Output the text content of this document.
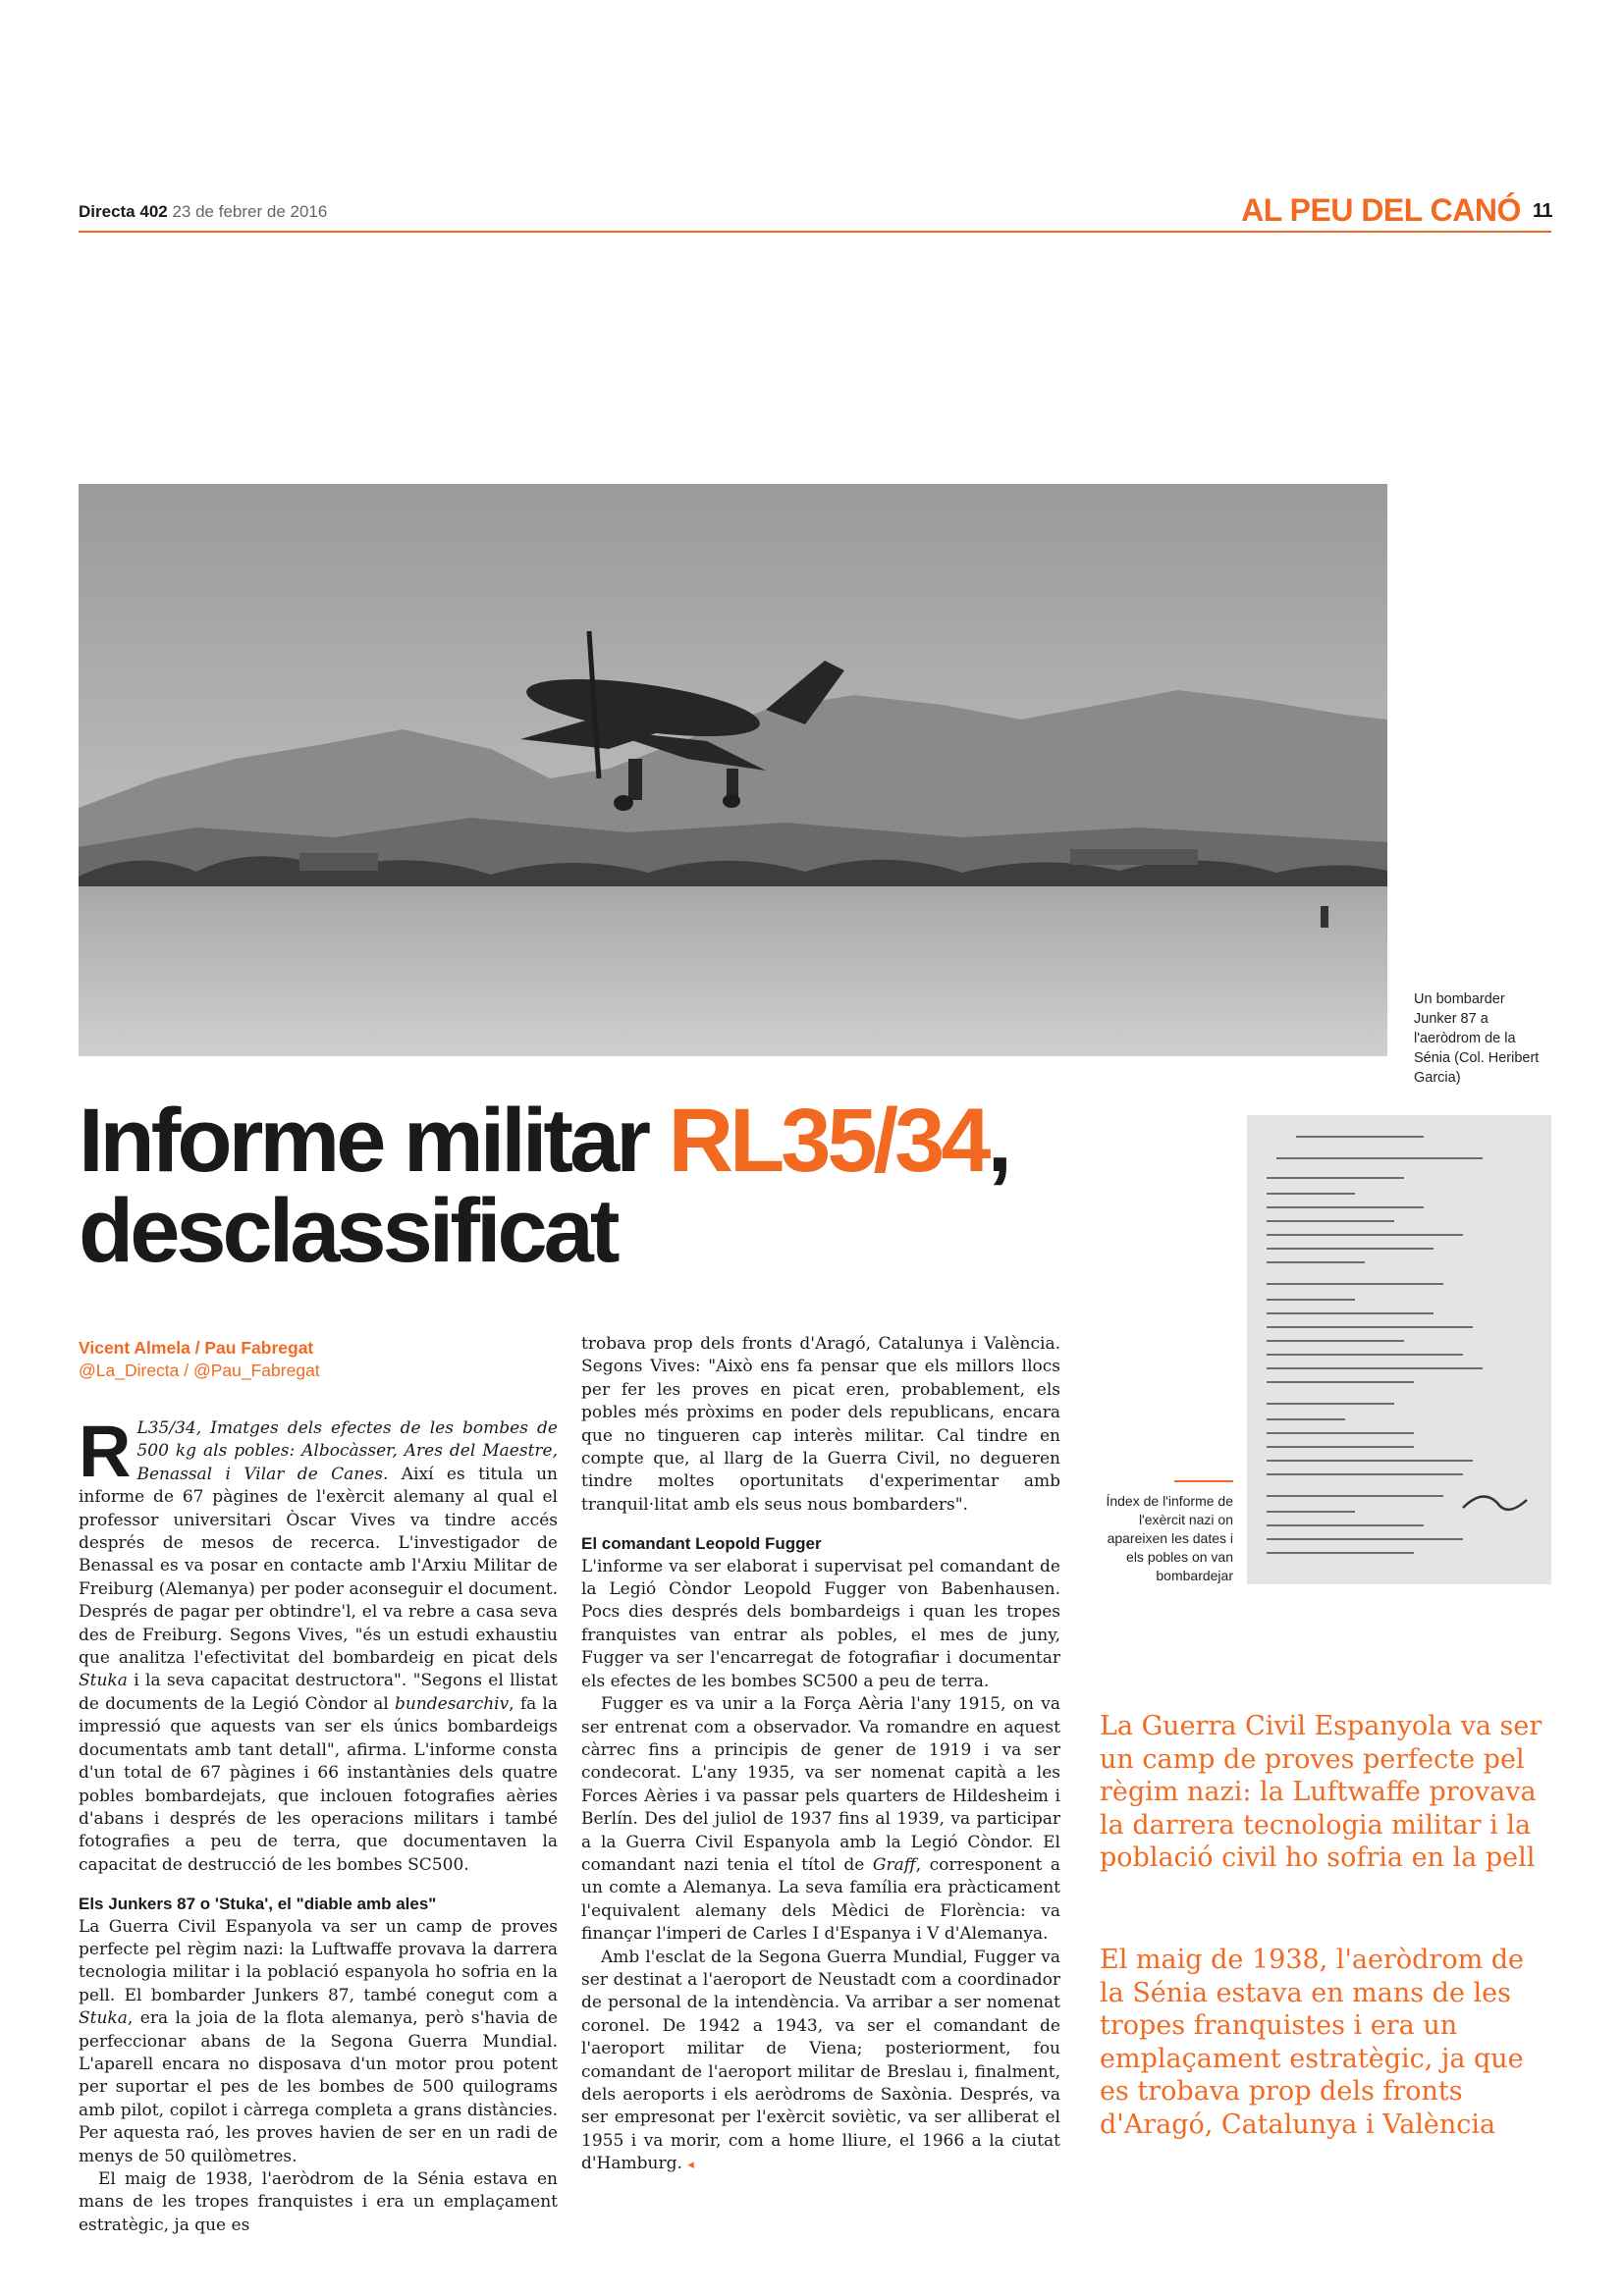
Directa 402 23 de febrer de 2016	AL PEU DEL CANÓ 11
Un bombarder Junker 87 a l'aeròdrom de la Sénia (Col. Heribert Garcia)
Informe militar RL35/34,
desclassificat
Índex de l'informe de l'exèrcit nazi on apareixen les dates i els pobles on van bombardejar
Vicent Almela / Pau Fabregat
@La_Directa / @Pau_Fabregat

R L35/34, Imatges dels efectes de les bombes de 500 kg als pobles: Albocàsser, Ares del Maestre, Benassal i Vilar de Canes. Així es titula un informe de 67 pàgines de l'exèrcit alemany al qual el professor universitari Òscar Vives va tindre accés després de mesos de recerca. L'investigador de Benassal es va posar en contacte amb l'Arxiu Militar de Freiburg (Alemanya) per poder aconseguir el document. Després de pagar per obtindre'l, el va rebre a casa seva des de Freiburg. Segons Vives, "és un estudi exhaustiu que analitza l'efectivitat del bombardeig en picat dels Stuka i la seva capacitat destructora". "Segons el llistat de documents de la Legió Còndor al bundesarchiv, fa la impressió que aquests van ser els únics bombardeigs documentats amb tant detall", afirma. L'informe consta d'un total de 67 pàgines i 66 instantànies dels quatre pobles bombardejats, que inclouen fotografies aèries d'abans i després de les operacions militars i també fotografies a peu de terra, que documentaven la capacitat de destrucció de les bombes SC500.

Els Junkers 87 o 'Stuka', el "diable amb ales"

La Guerra Civil Espanyola va ser un camp de proves perfecte pel règim nazi: la Luftwaffe provava la darrera tecnologia militar i la població espanyola ho sofria en la pell. El bombarder Junkers 87, també conegut com a Stuka, era la joia de la flota alemanya, però s'havia de perfeccionar abans de la Segona Guerra Mundial. L'aparell encara no disposava d'un motor prou potent per suportar el pes de les bombes de 500 quilograms amb pilot, copilot i càrrega completa a grans distàncies. Per aquesta raó, les proves havien de ser en un radi de menys de 50 quilòmetres.

El maig de 1938, l'aeròdrom de la Sénia estava en mans de les tropes franquistes i era un emplaçament estratègic, ja que es

trobava prop dels fronts d'Aragó, Catalunya i València. Segons Vives: "Això ens fa pensar que els millors llocs per fer les proves en picat eren, probablement, els pobles més pròxims en poder dels republicans, encara que no tingueren cap interès militar. Cal tindre en compte que, al llarg de la Guerra Civil, no degueren tindre moltes oportunitats d'experimentar amb tranquil·litat amb els seus nous bombarders".

El comandant Leopold Fugger

L'informe va ser elaborat i supervisat pel comandant de la Legió Còndor Leopold Fugger von Babenhausen. Pocs dies després dels bombardeigs i quan les tropes franquistes van entrar als pobles, el mes de juny, Fugger va ser l'encarregat de fotografiar i documentar els efectes de les bombes SC500 a peu de terra.

Fugger es va unir a la Força Aèria l'any 1915, on va ser entrenat com a observador. Va romandre en aquest càrrec fins a principis de gener de 1919 i va ser condecorat. L'any 1935, va ser nomenat capità a les Forces Aèries i va passar pels quarters de Hildesheim i Berlín. Des del juliol de 1937 fins al 1939, va participar a la Guerra Civil Espanyola amb la Legió Còndor. El comandant nazi tenia el títol de Graff, corresponent a un comte a Alemanya. La seva família era pràcticament l'equivalent alemany dels Mèdici de Florència: va finançar l'imperi de Carles I d'Espanya i V d'Alemanya.

Amb l'esclat de la Segona Guerra Mundial, Fugger va ser destinat a l'aeroport de Neustadt com a coordinador de personal de la intendència. Va arribar a ser nomenat coronel. De 1942 a 1943, va ser el comandant de l'aeroport militar de Viena; posteriorment, fou comandant de l'aeroport militar de Breslau i, finalment, dels aeroports i els aeròdroms de Saxònia. Després, va ser empresonat per l'exèrcit soviètic, va ser alliberat el 1955 i va morir, com a home lliure, el 1966 a la ciutat d'Hamburg. ◂

La Guerra Civil Espanyola va ser un camp de proves perfecte pel règim nazi: la Luftwaffe provava la darrera tecnologia militar i la població civil ho sofria en la pell
El maig de 1938, l'aeròdrom de la Sénia estava en mans de les tropes franquistes i era un emplaçament estratègic, ja que es trobava prop dels fronts d'Aragó, Catalunya i València
